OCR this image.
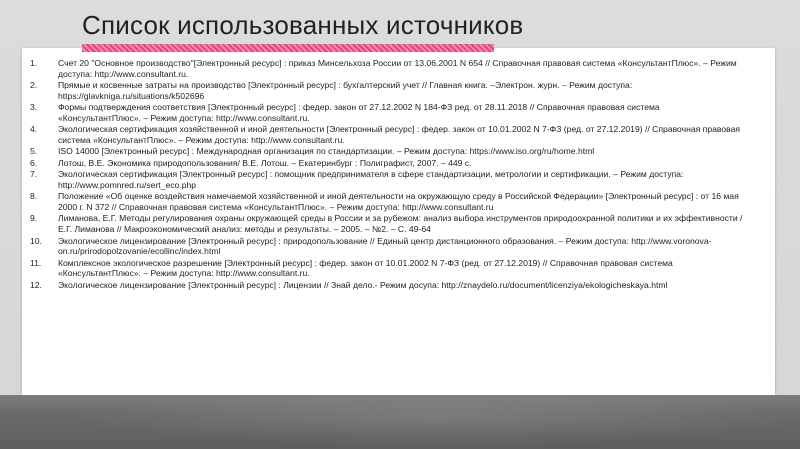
Список использованных источников
1.	Счет 20 "Основное производство"[Электронный ресурс] : приказ Минсельхоза России от 13.06.2001 N 654 // Справочная правовая система «КонсультантПлюс». – Режим доступа: http://www.consultant.ru.
2.	Прямые и косвенные затраты на производство [Электронный ресурс] : бухгалтерский учет // Главная книга. –Электрон. журн. – Режим доступа: https://glavkniga.ru/situations/k502696
3.	Формы подтверждения соответствия [Электронный ресурс] : федер. закон от 27.12.2002 N 184-ФЗ ред. от 28.11.2018 // Справочная правовая система «КонсультантПлюс». – Режим доступа: http://www.consultant.ru.
4.	Экологическая сертификация хозяйственной и иной деятельности [Электронный ресурс] : федер. закон от 10.01.2002 N 7-ФЗ (ред. от 27.12.2019) // Справочная правовая система «КонсультантПлюс». – Режим доступа: http://www.consultant.ru.
5.	ISO 14000 [Электронный ресурс] : Международная организация по стандартизации. – Режим доступа: https://www.iso.org/ru/home.html
6.	Лотош, В.Е. Экономика природопользования/ В.Е. Лотош. – Екатеринбург : Полиграфист, 2007. – 449 с.
7.	Экологическая сертификация [Электронный ресурс] : помощник предпринимателя в сфере стандартизации, метрологии и сертификации. – Режим доступа: http://www.pomnred.ru/sert_eco.php
8.	Положение «Об оценке воздействия намечаемой хозяйственной и иной деятельности на окружающую среду в Российской Федерации» [Электронный ресурс] : от 16 мая 2000 г. N 372 // Справочная правовая система «КонсультантПлюс». – Режим доступа: http://www.consultant.ru
9.	Лиманова, Е.Г. Методы регулирования охраны окружающей среды в России и за рубежом: анализ выбора инструментов природоохранной политики и их эффективности / Е.Г. Лиманова // Макроэкономический анализ: методы и результаты. – 2005. – №2. – С. 49-64
10.	Экологическое лицензирование [Электронный ресурс] : природопользование // Единый центр дистанционного образования. – Режим доступа: http://www.voronova-on.ru/prirodopolzovanie/ecollinc/index.html
11.	Комплексное экологическое разрешение [Электронный ресурс] : федер. закон от 10.01.2002 N 7-ФЗ (ред. от 27.12.2019) // Справочная правовая система «КонсультантПлюс». – Режим доступа: http://www.consultant.ru.
12.	Экологическое лицензирование [Электронный ресурс] : Лицензии // Знай дело.- Режим досупа: http://znaydelo.ru/document/licenziya/ekologicheskaya.html
